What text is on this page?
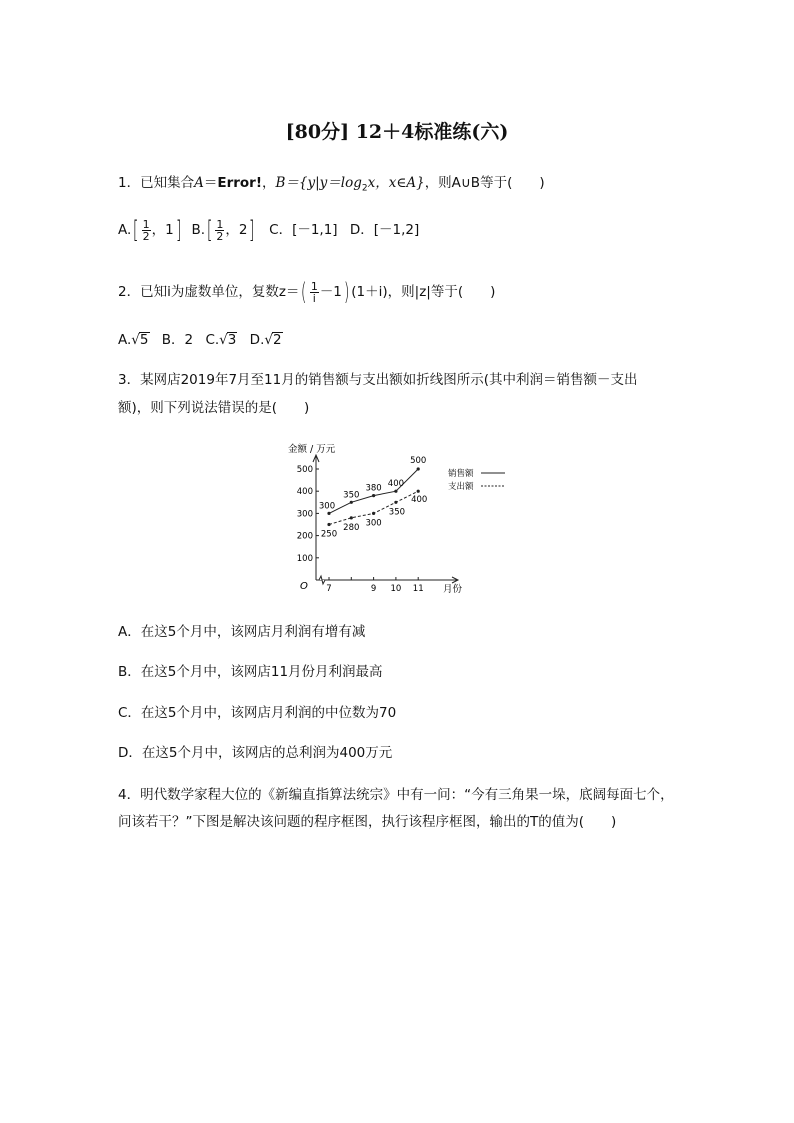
[80分] 12＋4标准练(六)
1．已知集合A＝Error!，$B=\{y|y=\log_2x$，x∈A}，则A∪B等于(　　)
$A.[ \frac{1}{2}$ ，1] $B.[ \frac{1}{2}$ ，2] C．[－1,1] D．[－1,2]
2．已知i为虚数单位，复数$z=( \frac{1}{i} -1)$ (1＋i)，则|z|等于(　　)
A.√5 B．2 C.√3 D.√2
3．某网店2019年7月至11月的销售额与支出额如折线图所示(其中利润＝销售额－支出
额)，则下列说法错误的是(　　)
金额 / 万元
月份
O
100
200
300
400
500
7	9 10 11
300
350
380 400
500
250
280 300
350
400
销售额
支出额
A．在这5个月中，该网店月利润有增有减
B．在这5个月中，该网店11月份月利润最高
C．在这5个月中，该网店月利润的中位数为70
D．在这5个月中，该网店的总利润为400万元
4．明代数学家程大位的《新编直指算法统宗》中有一问：“今有三角果一垛，底阔每面七个，
问该若干？”下图是解决该问题的程序框图，执行该程序框图，输出的T的值为(　　)
